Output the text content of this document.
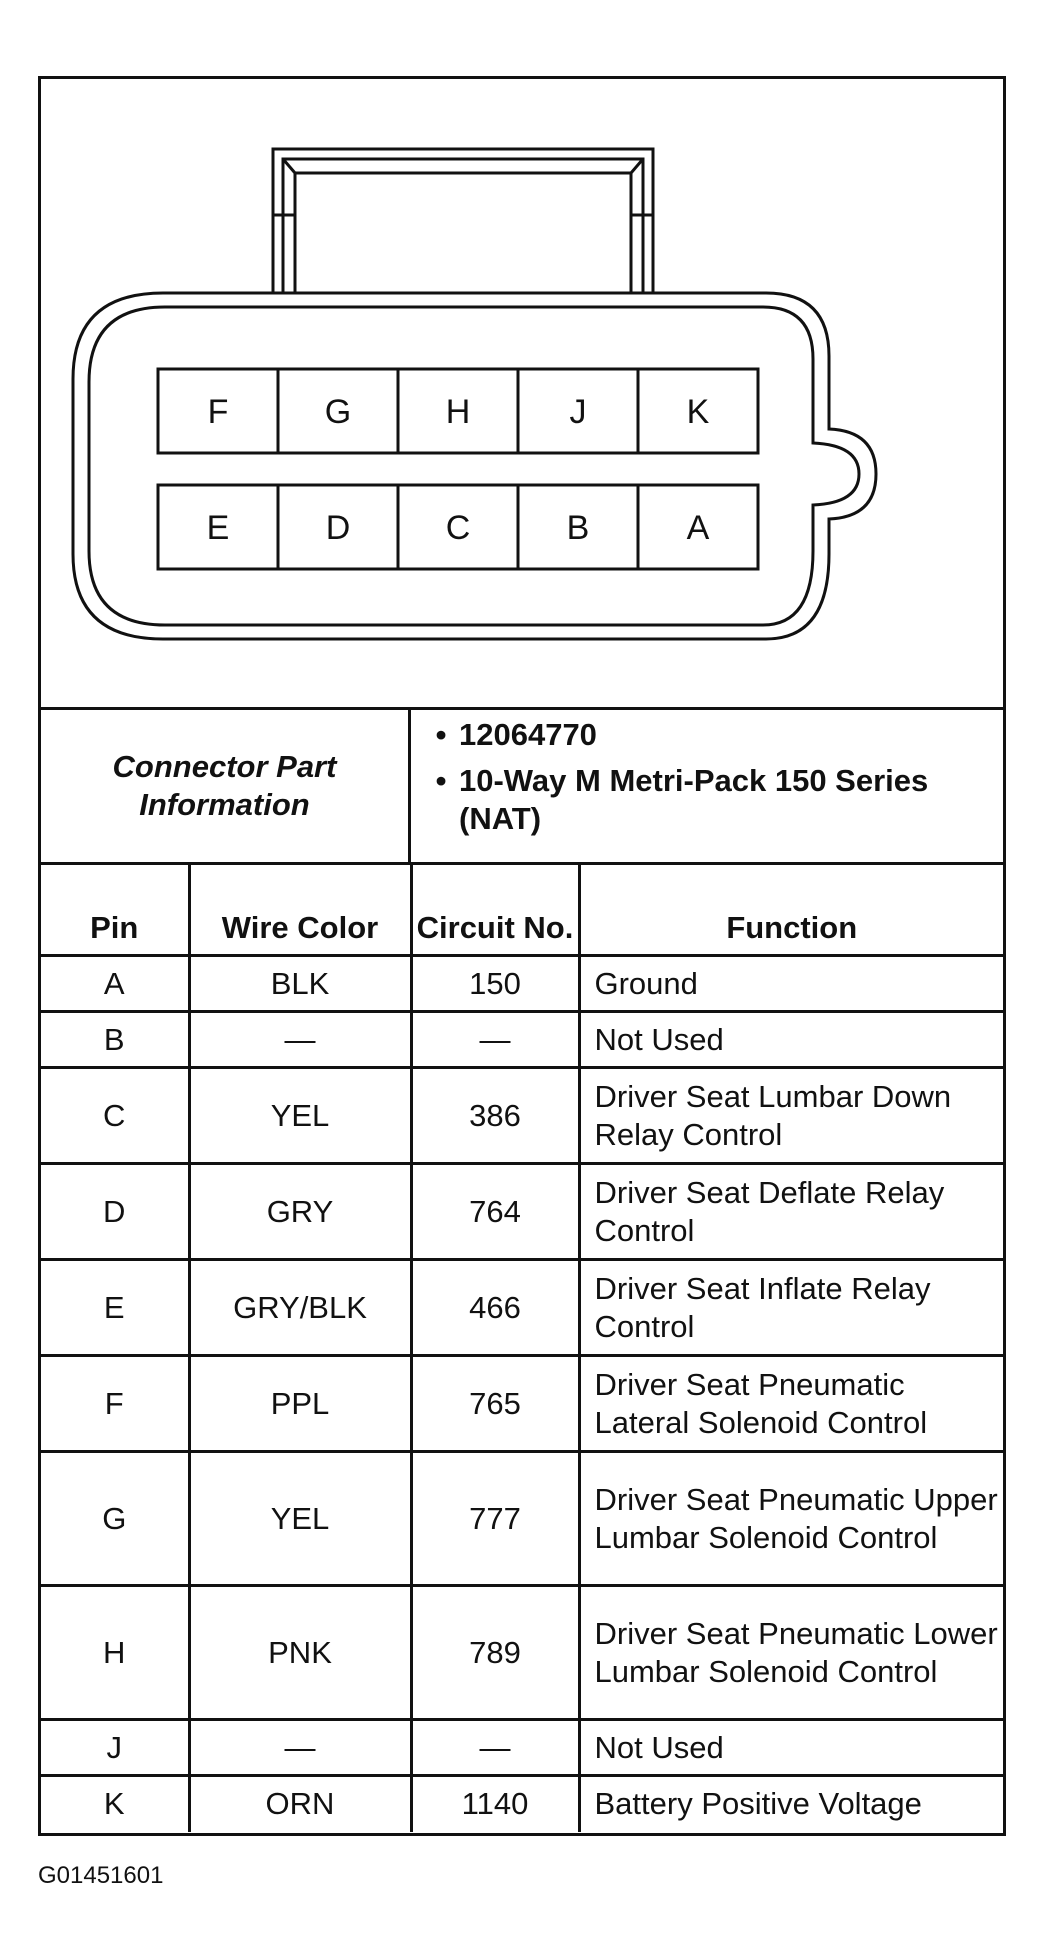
F	G	H	J	K
E	D	C	B	A
Connector Part Information
• 12064770
• 10-Way M Metri-Pack 150 Series (NAT)
Pin	Wire Color	Circuit No.	Function
A	BLK	150	Ground
B	—	—	Not Used
C	YEL	386	Driver Seat Lumbar Down Relay Control
D	GRY	764	Driver Seat Deflate Relay Control
E	GRY/BLK	466	Driver Seat Inflate Relay Control
F	PPL	765	Driver Seat Pneumatic Lateral Solenoid Control
G	YEL	777	Driver Seat Pneumatic Upper Lumbar Solenoid Control
H	PNK	789	Driver Seat Pneumatic Lower Lumbar Solenoid Control
J	—	—	Not Used
K	ORN	1140	Battery Positive Voltage
G01451601
